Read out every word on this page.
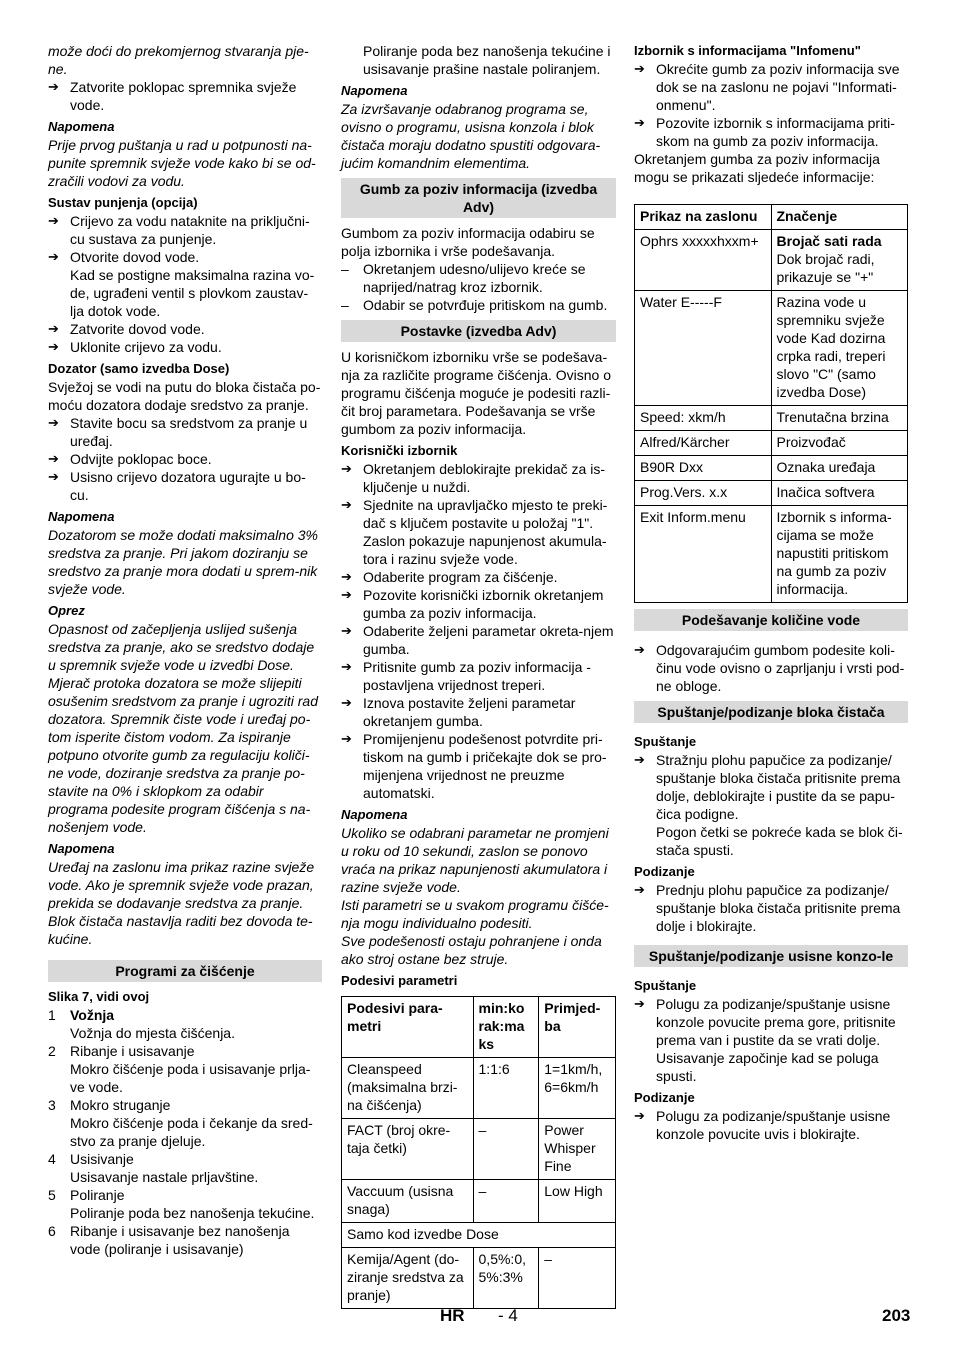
može doći do prekomjernog stvaranja pje-ne.

➔ Zatvorite poklopac spremnika svježe vode.

Napomena

Prije prvog puštanja u rad u potpunosti na-punite spremnik svježe vode kako bi se od-zračili vodovi za vodu.

Sustav punjenja (opcija)

➔ Crijevo za vodu nataknite na priključni-cu sustava za punjenje.
➔ Otvorite dovod vode.

Kad se postigne maksimalna razina vo-de, ugrađeni ventil s plovkom zaustav-lja dotok vode.

➔ Zatvorite dovod vode.
➔ Uklonite crijevo za vodu.

Dozator (samo izvedba Dose)

Svježoj se vodi na putu do bloka čistača po-moću dozatora dodaje sredstvo za pranje.

➔ Stavite bocu sa sredstvom za pranje u uređaj.
➔ Odvijte poklopac boce.
➔ Usisno crijevo dozatora ugurajte u bo-cu.

Napomena

Dozatorom se može dodati maksimalno 3% sredstva za pranje. Pri jakom doziranju se sredstvo za pranje mora dodati u sprem-nik svježe vode.

Oprez

Opasnost od začepljenja uslijed sušenja sredstva za pranje, ako se sredstvo dodaje u spremnik svježe vode u izvedbi Dose. Mjerač protoka dozatora se može slijepiti osušenim sredstvom za pranje i ugroziti rad dozatora. Spremnik čiste vode i uređaj po-tom isperite čistom vodom. Za ispiranje potpuno otvorite gumb za regulaciju količi-ne vode, doziranje sredstva za pranje po-stavite na 0% i sklopkom za odabir programa podesite program čišćenja s na-nošenjem vode.

Napomena

Uređaj na zaslonu ima prikaz razine svježe vode. Ako je spremnik svježe vode prazan, prekida se dodavanje sredstva za pranje. Blok čistača nastavlja raditi bez dovoda te-kućine.

Programi za čišćenje

Slika 7, vidi ovoj

1	Vožnja

Vožnja do mjesta čišćenja.

2	Ribanje i usisavanje

Mokro čišćenje poda i usisavanje prlja-ve vode.

3	Mokro struganje

Mokro čišćenje poda i čekanje da sred-stvo za pranje djeluje.

4	Usisivanje

Usisavanje nastale prljavštine.

5	Poliranje

Poliranje poda bez nanošenja tekućine.

6	Ribanje i usisavanje bez nanošenja vode (poliranje i usisavanje)

Poliranje poda bez nanošenja tekućine i usisavanje prašine nastale poliranjem.

Napomena

Za izvršavanje odabranog programa se, ovisno o programu, usisna konzola i blok čistača moraju dodatno spustiti odgovara-jućim komandnim elementima.

Gumb za poziv informacija (izvedba Adv)

Gumbom za poziv informacija odabiru se polja izbornika i vrše podešavanja.

–	Okretanjem udesno/ulijevo kreće se naprijed/natrag kroz izbornik.
–	Odabir se potvrđuje pritiskom na gumb.
Postavke (izvedba Adv)

U korisničkom izborniku vrše se podešava-nja za različite programe čišćenja. Ovisno o programu čišćenja moguće je podesiti razli-čit broj parametara. Podešavanja se vrše gumbom za poziv informacija.

Korisnički izbornik

➔ Okretanjem deblokirajte prekidač za is-ključenje u nuždi.
➔ Sjednite na upravljačko mjesto te preki-dač s ključem postavite u položaj "1".

Zaslon pokazuje napunjenost akumula-tora i razinu svježe vode.

➔ Odaberite program za čišćenje.
➔ Pozovite korisnički izbornik okretanjem gumba za poziv informacija.
➔ Odaberite željeni parametar okreta-njem gumba.
➔ Pritisnite gumb za poziv informacija - postavljena vrijednost treperi.
➔ Iznova postavite željeni parametar okretanjem gumba.
➔ Promijenjenu podešenost potvrdite pri-tiskom na gumb i pričekajte dok se pro-mijenjena vrijednost ne preuzme automatski.

Napomena

Ukoliko se odabrani parametar ne promjeni u roku od 10 sekundi, zaslon se ponovo vraća na prikaz napunjenosti akumulatora i razine svježe vode.

Isti parametri se u svakom programu čišće-nja mogu individualno podesiti.

Sve podešenosti ostaju pohranjene i onda ako stroj ostane bez struje.

Podesivi parametri

Podesivi para-metri	min:ko rak:ma ks	Primjed-ba
Cleanspeed (maksimalna brzi-na čišćenja)	1:1:6	1=1km/h, 6=6km/h
FACT (broj okre-taja četki)	–	Power Whisper Fine
Vaccuum (usisna snaga)	–	Low High
Samo kod izvedbe Dose		
Kemija/Agent (do-ziranje sredstva za pranje)	0,5%:0, 5%:3%	–

Izbornik s informacijama "Infomenu"

➔ Okrećite gumb za poziv informacija sve dok se na zaslonu ne pojavi "Informati-onmenu".
➔ Pozovite izbornik s informacijama priti-skom na gumb za poziv informacija.

Okretanjem gumba za poziv informacija mogu se prikazati sljedeće informacije:

Prikaz na zaslonu	Značenje
Ophrs xxxxxhxxm+	Brojač sati rada
Dok brojač radi, prikazuje se "+"

Water E-----F	Razina vode u spremniku svježe vode Kad dozirna crpka radi, treperi slovo "C" (samo izvedba Dose)
Speed: xkm/h	Trenutačna brzina
Alfred/Kärcher	Proizvođač
B90R Dxx	Oznaka uređaja
Prog.Vers. x.x	Inačica softvera
Exit Inform.menu	Izbornik s informa-cijama se može napustiti pritiskom na gumb za poziv informacija.
Podešavanje količine vode
➔ Odgovarajućim gumbom podesite koli-činu vode ovisno o zaprljanju i vrsti pod-ne obloge.
Spuštanje/podizanje bloka čistača

Spuštanje

➔ Stražnju plohu papučice za podizanje/ spuštanje bloka čistača pritisnite prema dolje, deblokirajte i pustite da se papu-čica podigne.

Pogon četki se pokreće kada se blok či-stača spusti.

Podizanje

➔ Prednju plohu papučice za podizanje/ spuštanje bloka čistača pritisnite prema dolje i blokirajte.
Spuštanje/podizanje usisne konzo-le

Spuštanje

➔ Polugu za podizanje/spuštanje usisne konzole povucite prema gore, pritisnite prema van i pustite da se vrati dolje.

Usisavanje započinje kad se poluga spusti.

Podizanje

➔ Polugu za podizanje/spuštanje usisne konzole povucite uvis i blokirajte.
HR - 4	203
